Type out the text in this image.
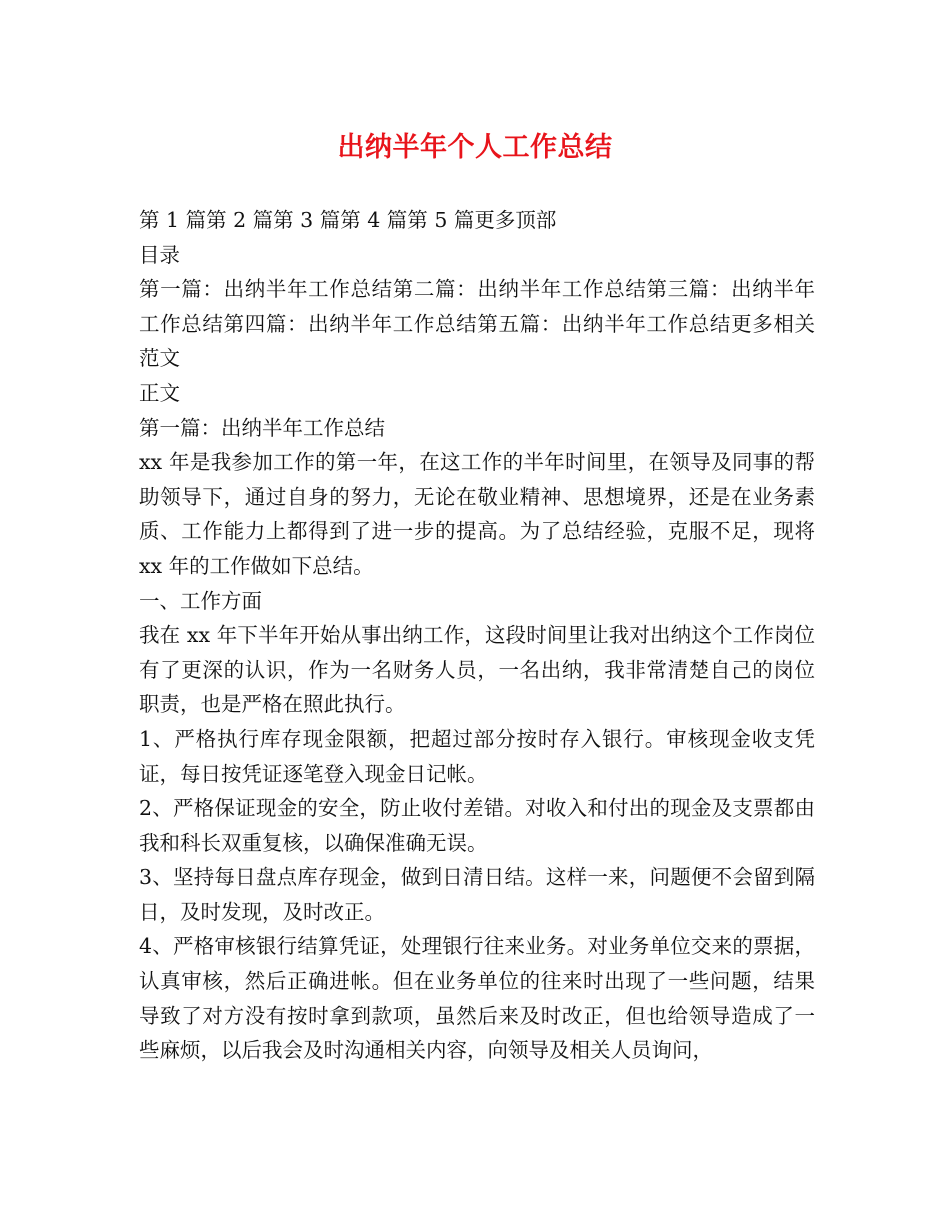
出纳半年个人工作总结

第 1 篇第 2 篇第 3 篇第 4 篇第 5 篇更多顶部

目录

第一篇：出纳半年工作总结第二篇：出纳半年工作总结第三篇：出纳半年工作总结第四篇：出纳半年工作总结第五篇：出纳半年工作总结更多相关范文

正文

第一篇：出纳半年工作总结

xx 年是我参加工作的第一年，在这工作的半年时间里，在领导及同事的帮助领导下，通过自身的努力，无论在敬业精神、思想境界，还是在业务素质、工作能力上都得到了进一步的提高。为了总结经验，克服不足，现将 xx 年的工作做如下总结。

一、工作方面

我在 xx 年下半年开始从事出纳工作，这段时间里让我对出纳这个工作岗位有了更深的认识，作为一名财务人员，一名出纳，我非常清楚自己的岗位职责，也是严格在照此执行。

1、严格执行库存现金限额，把超过部分按时存入银行。审核现金收支凭证，每日按凭证逐笔登入现金日记帐。

2、严格保证现金的安全，防止收付差错。对收入和付出的现金及支票都由我和科长双重复核，以确保准确无误。

3、坚持每日盘点库存现金，做到日清日结。这样一来，问题便不会留到隔日，及时发现，及时改正。

4、严格审核银行结算凭证，处理银行往来业务。对业务单位交来的票据，认真审核，然后正确进帐。但在业务单位的往来时出现了一些问题，结果导致了对方没有按时拿到款项，虽然后来及时改正，但也给领导造成了一些麻烦，以后我会及时沟通相关内容，向领导及相关人员询问，
